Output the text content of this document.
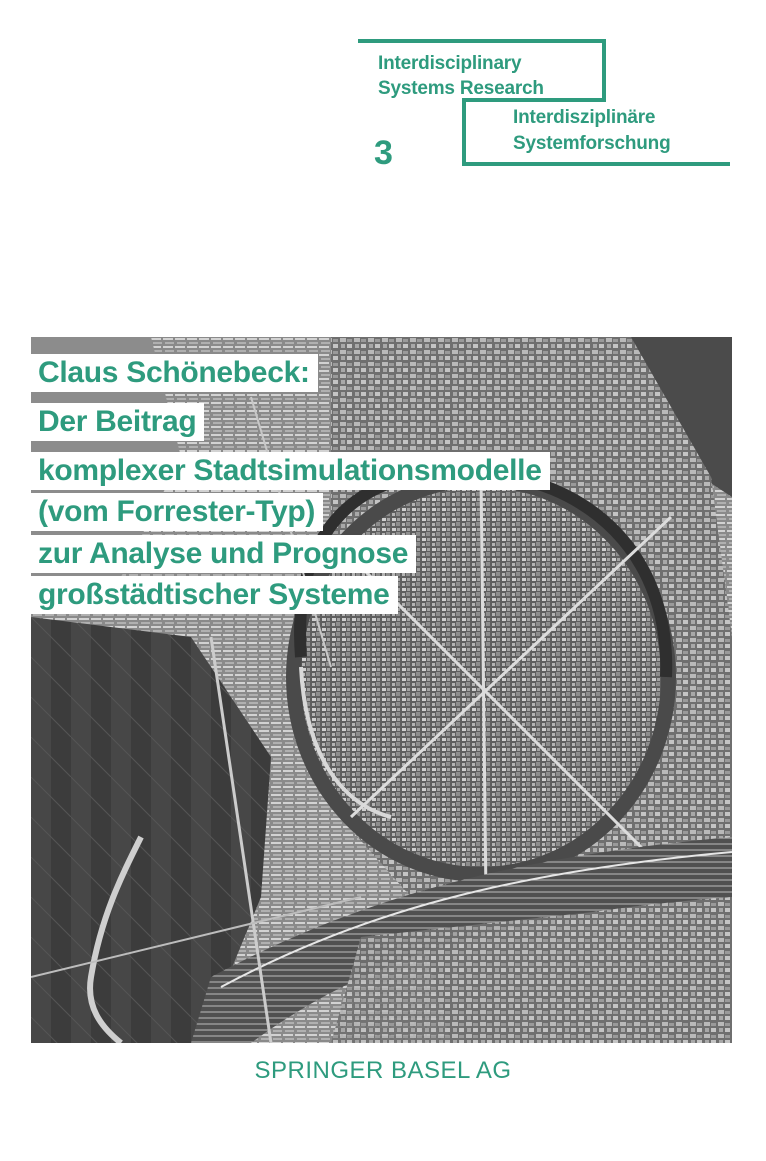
Interdisciplinary
Systems Research
3
Interdisziplinäre
Systemforschung
Claus Schönebeck:
Der Beitrag
komplexer Stadtsimulationsmodelle
(vom Forrester-Typ)
zur Analyse und Prognose
großstädtischer Systeme
SPRINGER BASEL AG
